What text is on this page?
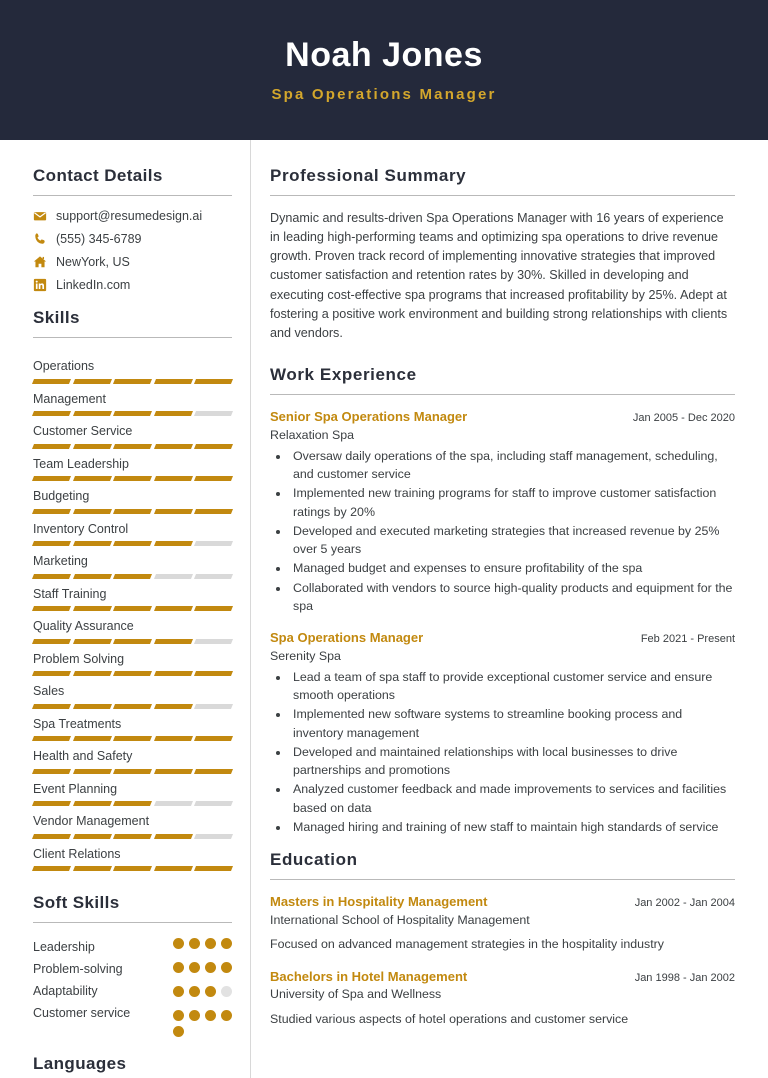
Noah Jones
Spa Operations Manager
Contact Details
support@resumedesign.ai
(555) 345-6789
NewYork, US
LinkedIn.com
Skills
Operations
Management
Customer Service
Team Leadership
Budgeting
Inventory Control
Marketing
Staff Training
Quality Assurance
Problem Solving
Sales
Spa Treatments
Health and Safety
Event Planning
Vendor Management
Client Relations
Soft Skills
Leadership
Problem-solving
Adaptability
Customer service
Languages
Professional Summary

Dynamic and results-driven Spa Operations Manager with 16 years of experience in leading high-performing teams and optimizing spa operations to drive revenue growth. Proven track record of implementing innovative strategies that improved customer satisfaction and retention rates by 30%. Skilled in developing and executing cost-effective spa programs that increased profitability by 25%. Adept at fostering a positive work environment and building strong relationships with clients and vendors.

Work Experience
Senior Spa Operations Manager	Jan 2005 - Dec 2020
Relaxation Spa
• Oversaw daily operations of the spa, including staff management, scheduling, and customer service
• Implemented new training programs for staff to improve customer satisfaction ratings by 20%
• Developed and executed marketing strategies that increased revenue by 25% over 5 years
• Managed budget and expenses to ensure profitability of the spa
• Collaborated with vendors to source high-quality products and equipment for the spa
Spa Operations Manager	Feb 2021 - Present
Serenity Spa
• Lead a team of spa staff to provide exceptional customer service and ensure smooth operations
• Implemented new software systems to streamline booking process and inventory management
• Developed and maintained relationships with local businesses to drive partnerships and promotions
• Analyzed customer feedback and made improvements to services and facilities based on data
• Managed hiring and training of new staff to maintain high standards of service
Education
Masters in Hospitality Management	Jan 2002 - Jan 2004
International School of Hospitality Management
Focused on advanced management strategies in the hospitality industry
Bachelors in Hotel Management	Jan 1998 - Jan 2002
University of Spa and Wellness
Studied various aspects of hotel operations and customer service
